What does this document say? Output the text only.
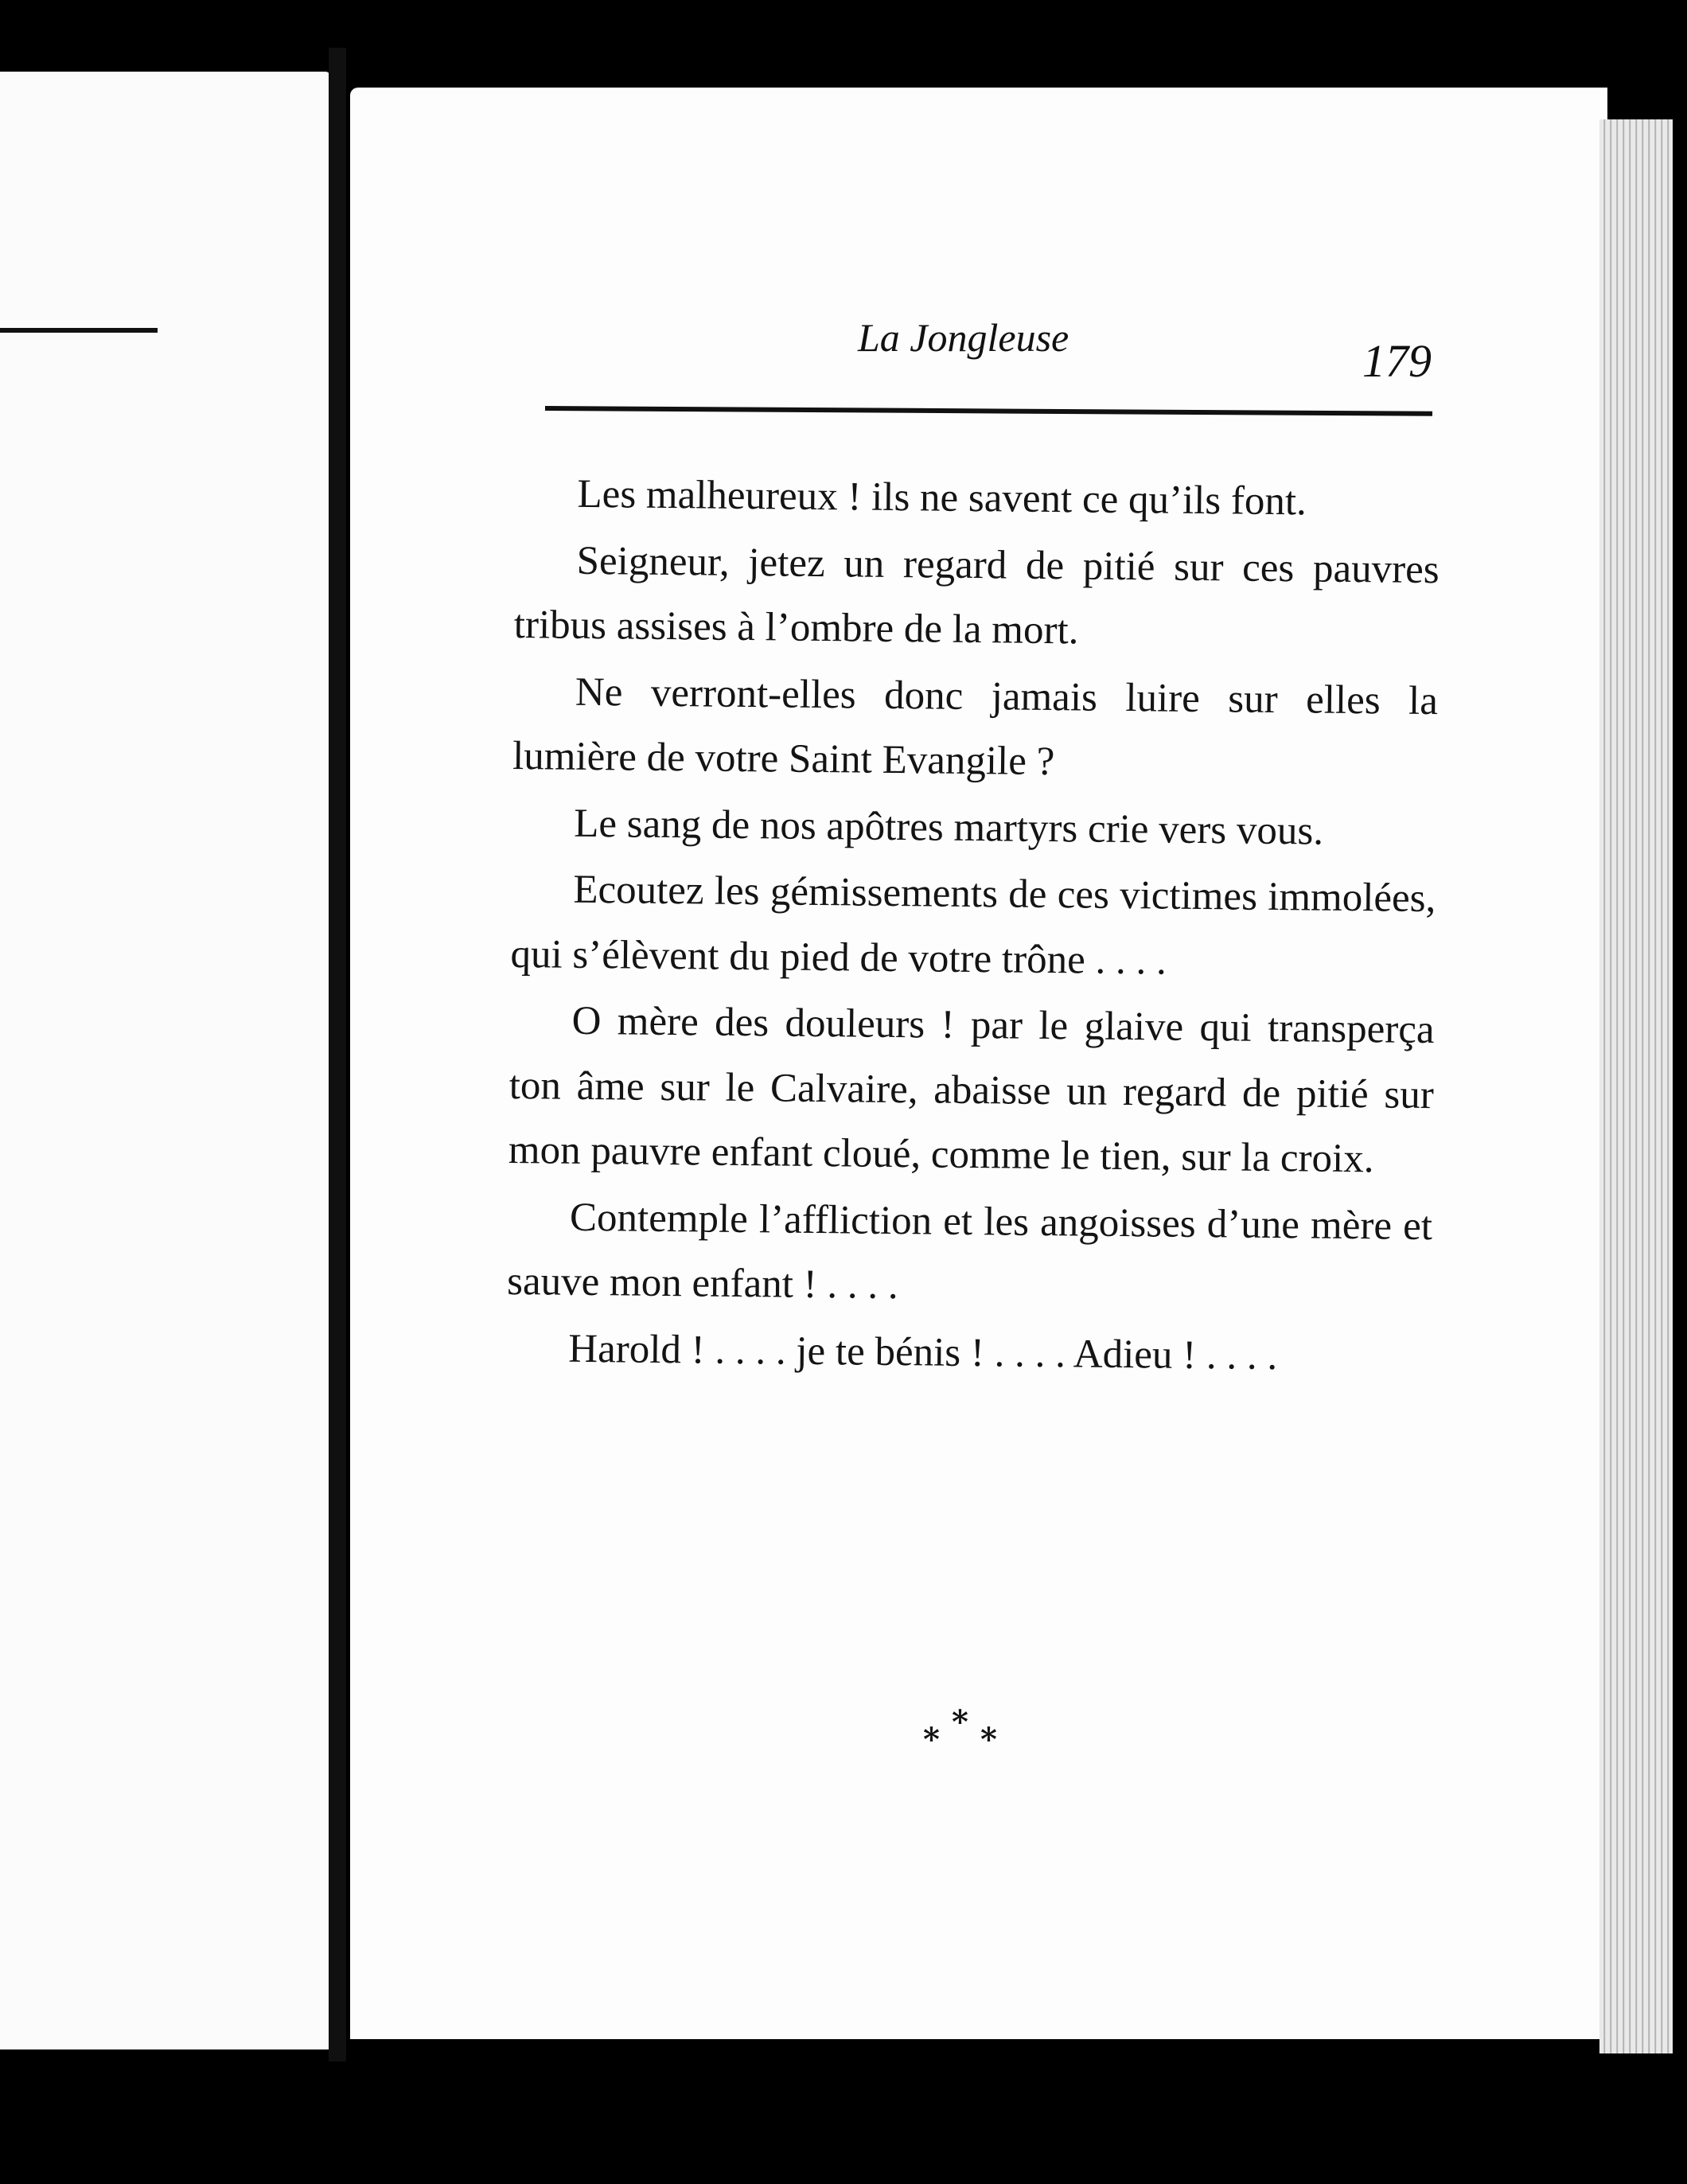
La Jongleuse	179

Les malheureux ! ils ne savent ce qu’ils font.

Seigneur, jetez un regard de pitié sur ces pauvres tribus assises à l’ombre de la mort.

Ne verront-elles donc jamais luire sur elles la lumière de votre Saint Evangile ?

Le sang de nos apôtres martyrs crie vers vous.

Ecoutez les gémissements de ces victimes immolées, qui s’élèvent du pied de votre trône . . . .

O mère des douleurs ! par le glaive qui transperça ton âme sur le Calvaire, abaisse un regard de pitié sur mon pauvre enfant cloué, comme le tien, sur la croix.

Contemple l’affliction et les angoisses d’une mère et sauve mon enfant ! . . . .

Harold ! . . . . je te bénis ! . . . . Adieu ! . . . .

*
* *
